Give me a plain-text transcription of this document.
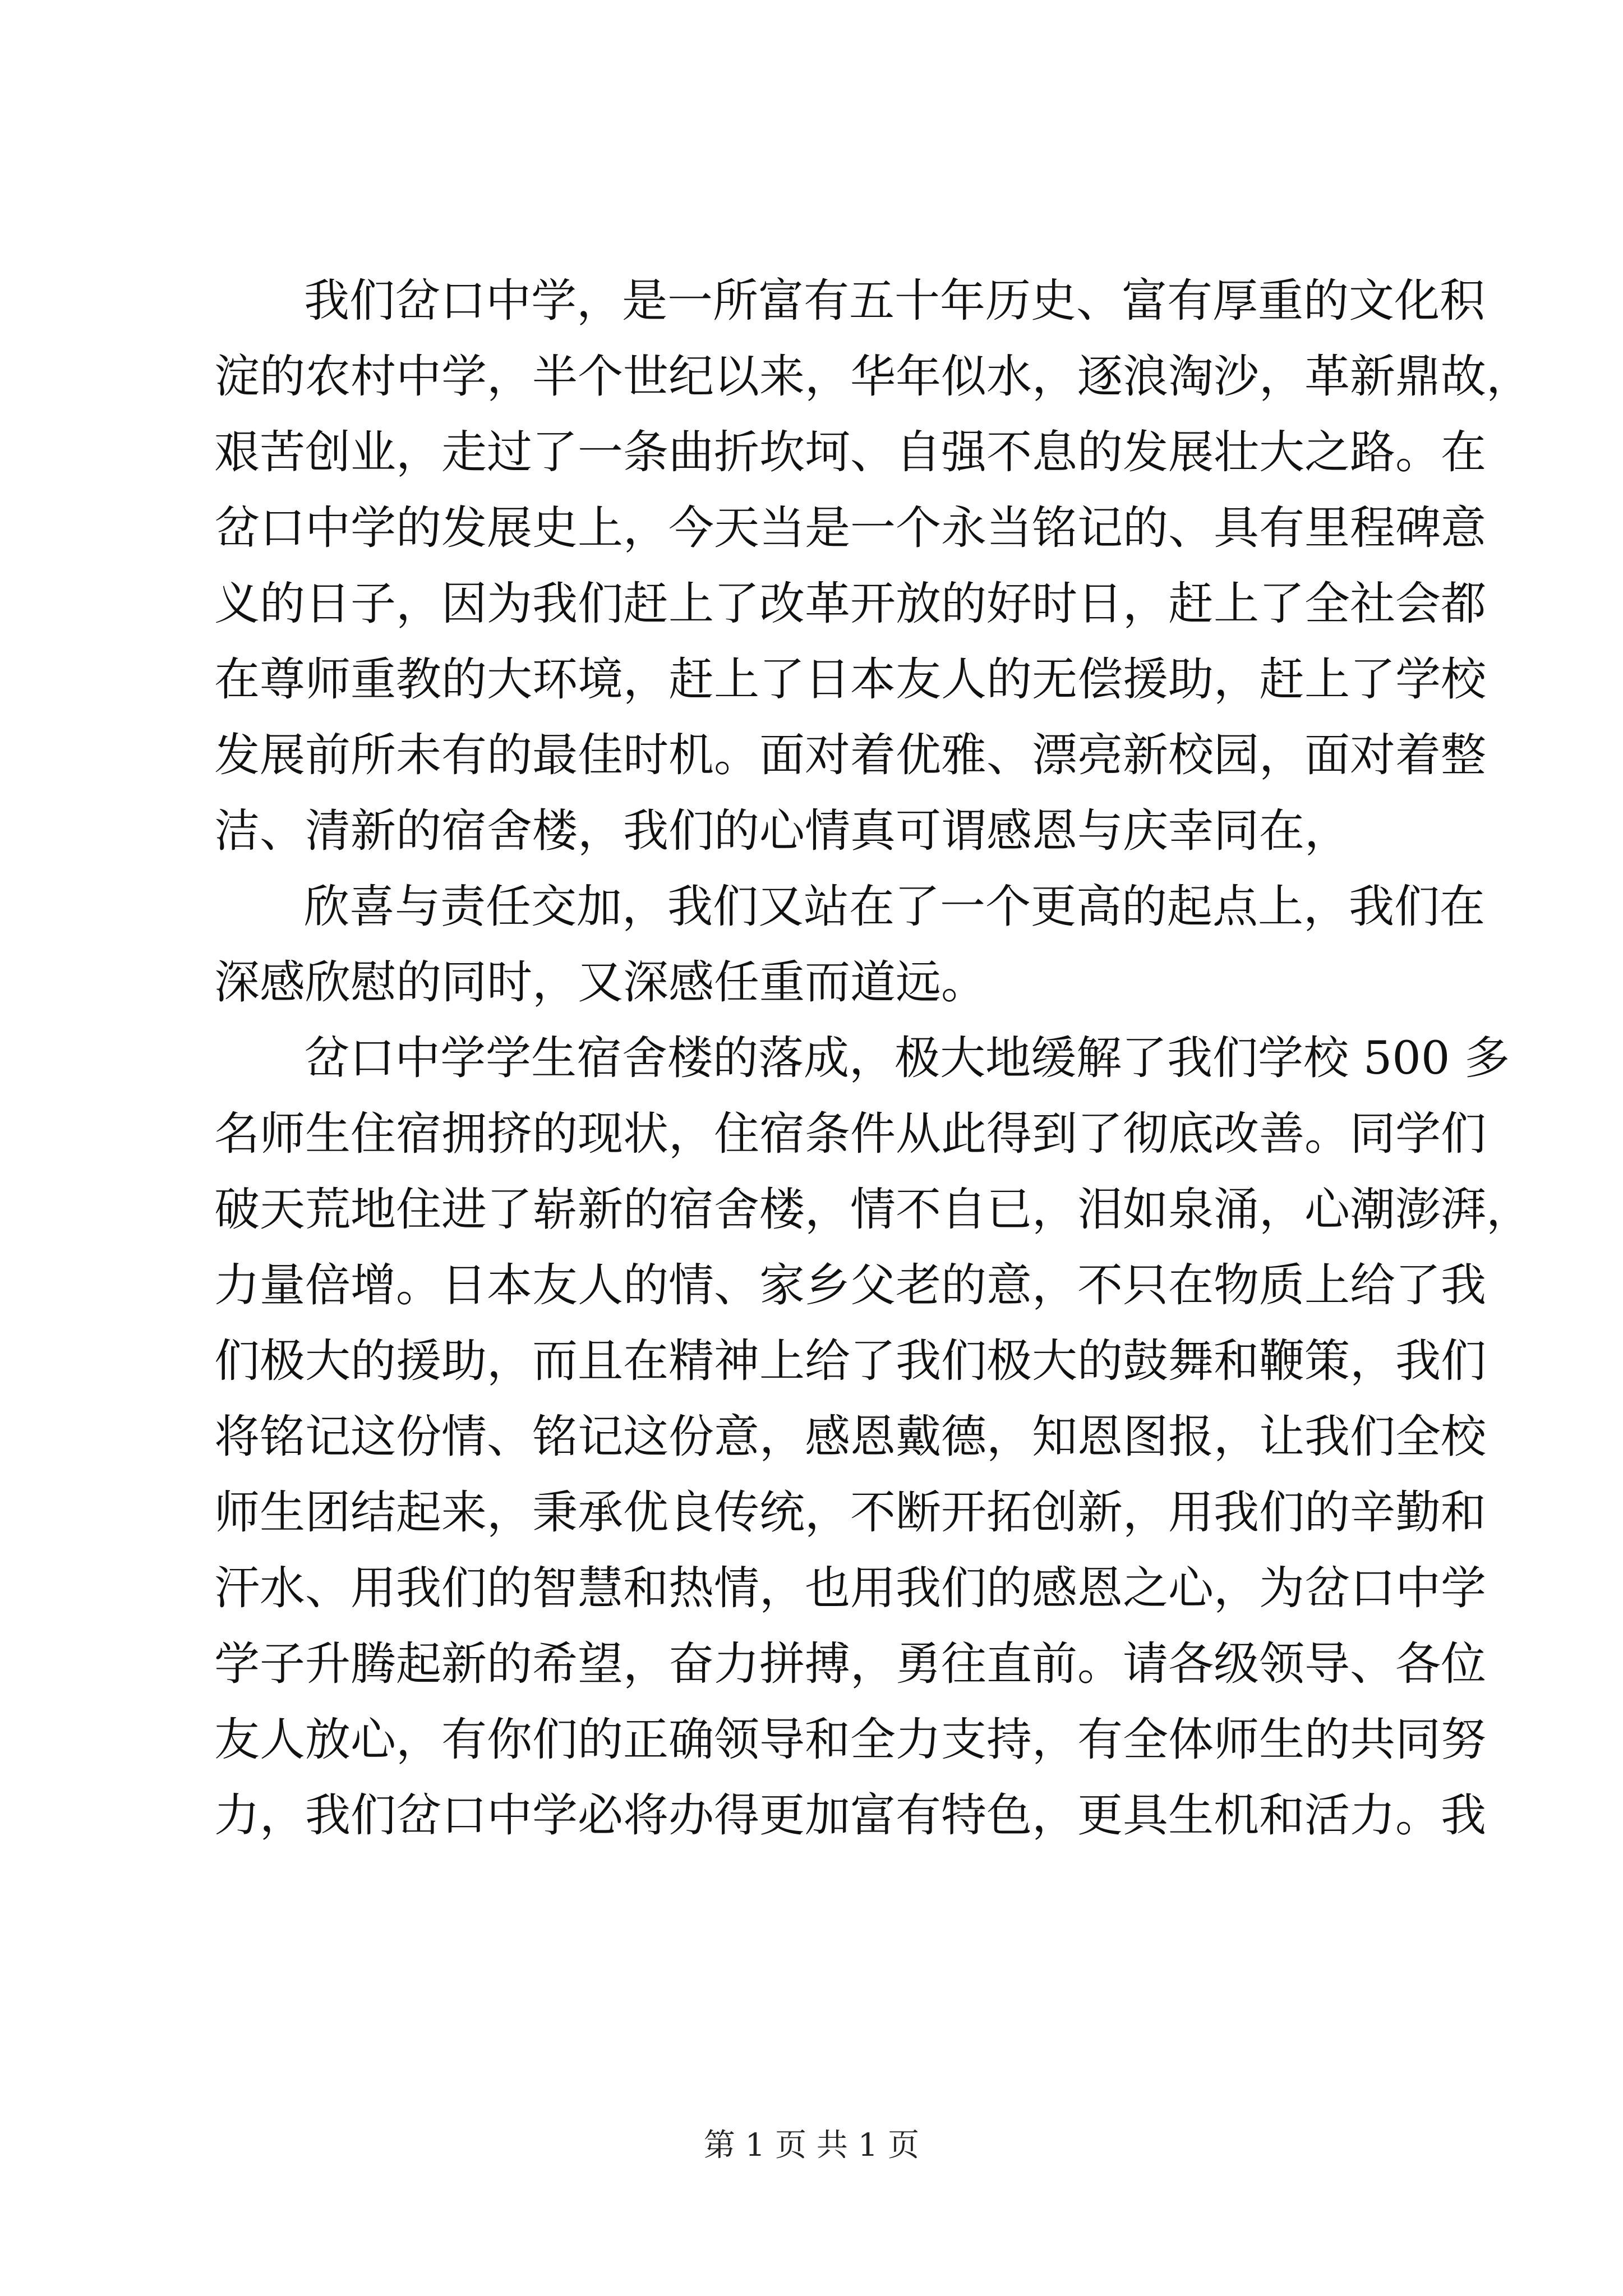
我们岔口中学，是一所富有五十年历史、富有厚重的文化积
淀的农村中学，半个世纪以来，华年似水，逐浪淘沙，革新鼎故，
艰苦创业，走过了一条曲折坎坷、自强不息的发展壮大之路。在
岔口中学的发展史上，今天当是一个永当铭记的、具有里程碑意
义的日子，因为我们赶上了改革开放的好时日，赶上了全社会都
在尊师重教的大环境，赶上了日本友人的无偿援助，赶上了学校
发展前所未有的最佳时机。面对着优雅、漂亮新校园，面对着整
洁、清新的宿舍楼，我们的心情真可谓感恩与庆幸同在，
欣喜与责任交加，我们又站在了一个更高的起点上，我们在
深感欣慰的同时，又深感任重而道远。
岔口中学学生宿舍楼的落成，极大地缓解了我们学校 500 多
名师生住宿拥挤的现状，住宿条件从此得到了彻底改善。同学们
破天荒地住进了崭新的宿舍楼，情不自已，泪如泉涌，心潮澎湃，
力量倍增。日本友人的情、家乡父老的意，不只在物质上给了我
们极大的援助，而且在精神上给了我们极大的鼓舞和鞭策，我们
将铭记这份情、铭记这份意，感恩戴德，知恩图报，让我们全校
师生团结起来，秉承优良传统，不断开拓创新，用我们的辛勤和
汗水、用我们的智慧和热情，也用我们的感恩之心，为岔口中学
学子升腾起新的希望，奋力拼搏，勇往直前。请各级领导、各位
友人放心，有你们的正确领导和全力支持，有全体师生的共同努
力，我们岔口中学必将办得更加富有特色，更具生机和活力。我
第 1 页 共 1 页
